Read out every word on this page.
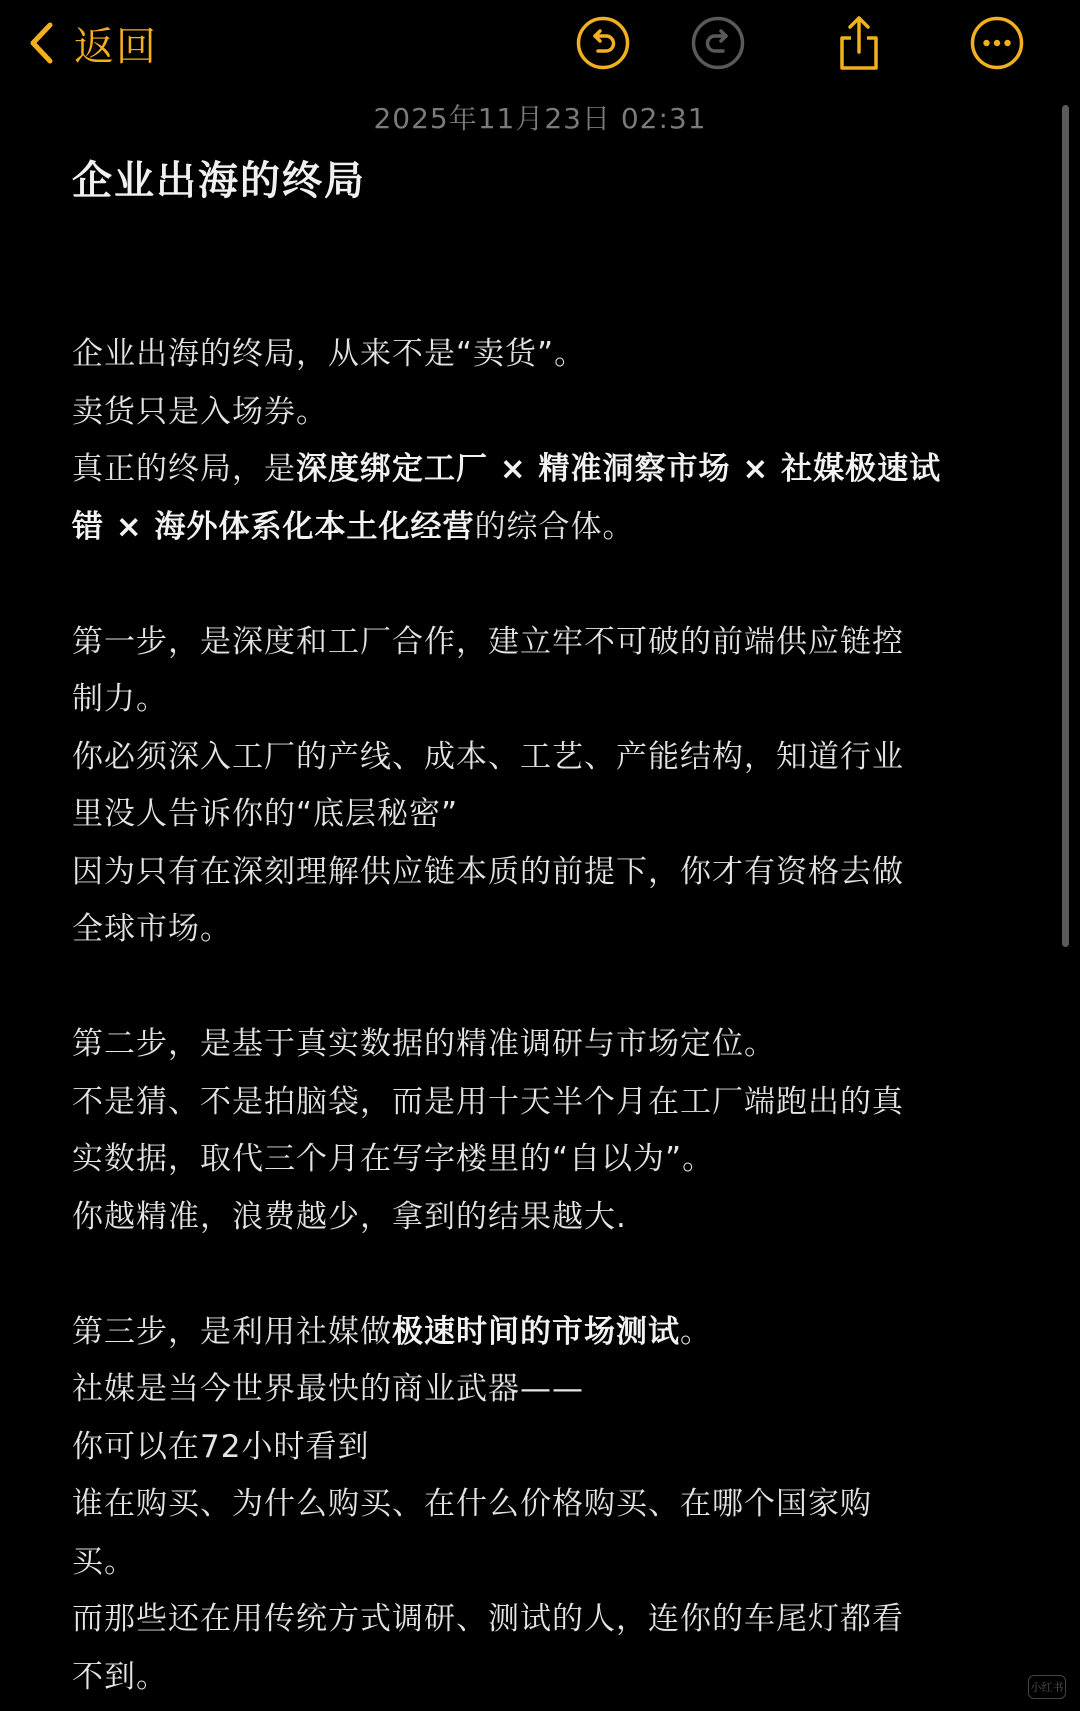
返回
2025年11月23日 02:31
企业出海的终局
企业出海的终局，从来不是“卖货”。
卖货只是入场券。
真正的终局，是深度绑定工厂 × 精准洞察市场 × 社媒极速试
错 × 海外体系化本土化经营的综合体。
第一步，是深度和工厂合作，建立牢不可破的前端供应链控
制力。
你必须深入工厂的产线、成本、工艺、产能结构，知道行业
里没人告诉你的“底层秘密”
因为只有在深刻理解供应链本质的前提下，你才有资格去做
全球市场。
第二步，是基于真实数据的精准调研与市场定位。
不是猜、不是拍脑袋，而是用十天半个月在工厂端跑出的真
实数据，取代三个月在写字楼里的“自以为”。
你越精准，浪费越少，拿到的结果越大.
第三步，是利用社媒做极速时间的市场测试。
社媒是当今世界最快的商业武器——
你可以在72小时看到
谁在购买、为什么购买、在什么价格购买、在哪个国家购
买。
而那些还在用传统方式调研、测试的人，连你的车尾灯都看
不到。	小红书
